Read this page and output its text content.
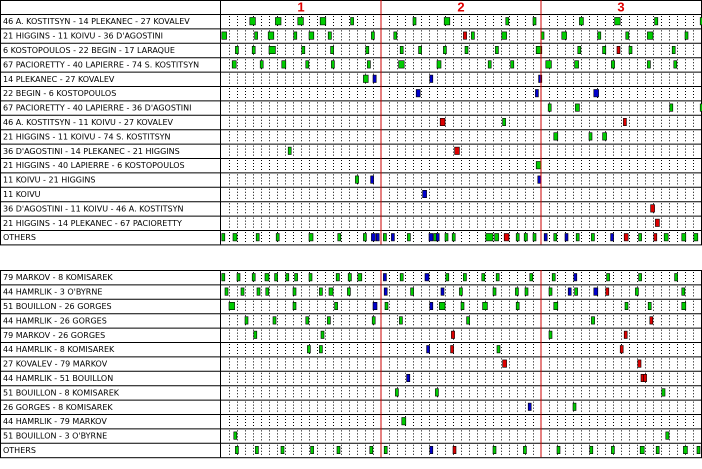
1	2	3
46 A. KOSTITSYN - 14 PLEKANEC - 27 KOVALEV
21 HIGGINS - 11 KOIVU - 36 D'AGOSTINI
6 KOSTOPOULOS - 22 BEGIN - 17 LARAQUE
67 PACIORETTY - 40 LAPIERRE - 74 S. KOSTITSYN
14 PLEKANEC - 27 KOVALEV
22 BEGIN - 6 KOSTOPOULOS
67 PACIORETTY - 40 LAPIERRE - 36 D'AGOSTINI
46 A. KOSTITSYN - 11 KOIVU - 27 KOVALEV
21 HIGGINS - 11 KOIVU - 74 S. KOSTITSYN
36 D'AGOSTINI - 14 PLEKANEC - 21 HIGGINS
21 HIGGINS - 40 LAPIERRE - 6 KOSTOPOULOS
11 KOIVU - 21 HIGGINS
11 KOIVU
36 D'AGOSTINI - 11 KOIVU - 46 A. KOSTITSYN
21 HIGGINS - 14 PLEKANEC - 67 PACIORETTY
OTHERS
79 MARKOV - 8 KOMISAREK
44 HAMRLIK - 3 O'BYRNE
51 BOUILLON - 26 GORGES
44 HAMRLIK - 26 GORGES
79 MARKOV - 26 GORGES
44 HAMRLIK - 8 KOMISAREK
27 KOVALEV - 79 MARKOV
44 HAMRLIK - 51 BOUILLON
51 BOUILLON - 8 KOMISAREK
26 GORGES - 8 KOMISAREK
44 HAMRLIK - 79 MARKOV
51 BOUILLON - 3 O'BYRNE
OTHERS
